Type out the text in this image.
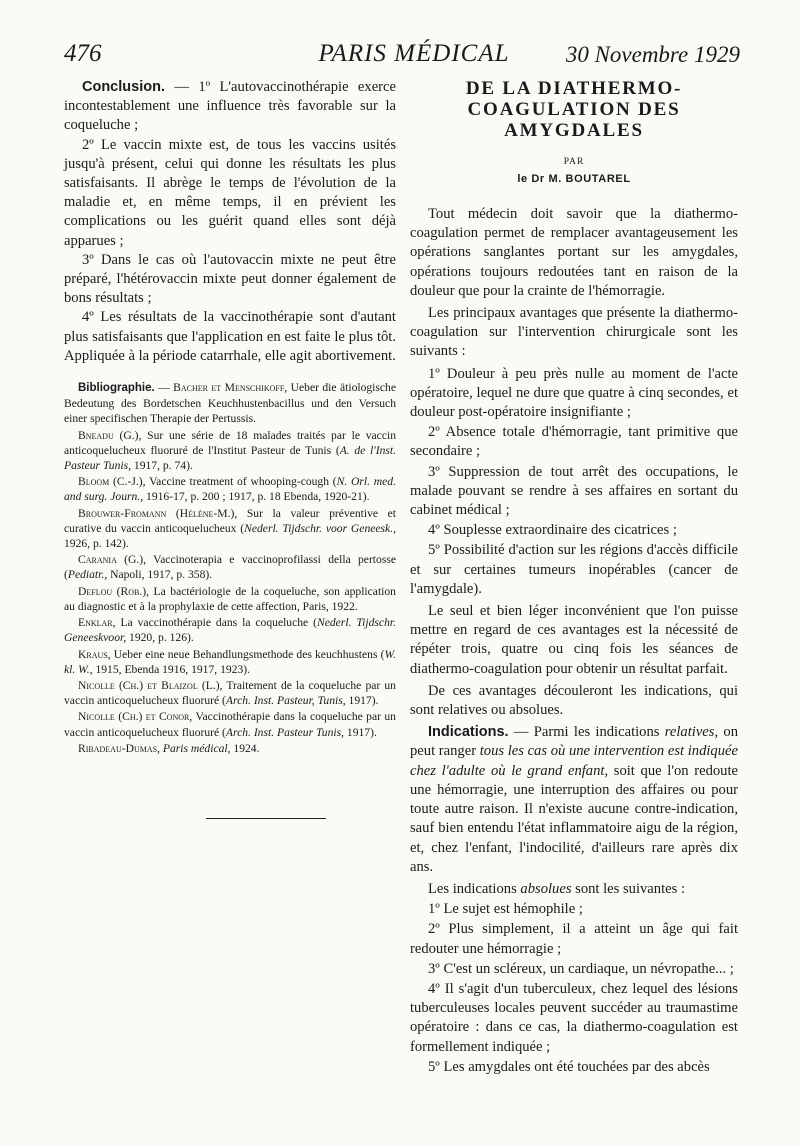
476	PARIS MÉDICAL	30 Novembre 1929

Conclusion. — 1º L'autovaccinothérapie exerce incontestablement une influence très favorable sur la coqueluche ;

2º Le vaccin mixte est, de tous les vaccins usités jusqu'à présent, celui qui donne les résultats les plus satisfaisants. Il abrège le temps de l'évolution de la maladie et, en même temps, il en prévient les complications ou les guérit quand elles sont déjà apparues ;

3º Dans le cas où l'autovaccin mixte ne peut être préparé, l'hétérovaccin mixte peut donner également de bons résultats ;

4º Les résultats de la vaccinothérapie sont d'autant plus satisfaisants que l'application en est faite le plus tôt. Appliquée à la période catarrhale, elle agit abortivement.

Bibliographie. — Bacher et Menschikoff, Ueber die ätiologische Bedeutung des Bordetschen Keuchhustenbacillus und den Versuch einer specifischen Therapie der Pertussis.

Bneadu (G.), Sur une série de 18 malades traités par le vaccin anticoquelucheux fluoruré de l'Institut Pasteur de Tunis (A. de l'Inst. Pasteur Tunis, 1917, p. 74).

Bloom (C.-J.), Vaccine treatment of whooping-cough (N. Orl. med. and surg. Journ., 1916-17, p. 200 ; 1917, p. 18 Ebenda, 1920-21).

Brouwer-Fromann (Hélène-M.), Sur la valeur préventive et curative du vaccin anticoquelucheux (Nederl. Tijdschr. voor Geneesk., 1926, p. 142).

Carania (G.), Vaccinoterapia e vaccinoprofilassi della pertosse (Pediatr., Napoli, 1917, p. 358).

Deflou (Rob.), La bactériologie de la coqueluche, son application au diagnostic et à la prophylaxie de cette affection, Paris, 1922.

Enklar, La vaccinothérapie dans la coqueluche (Nederl. Tijdschr. Geneeskvoor, 1920, p. 126).

Kraus, Ueber eine neue Behandlungsmethode des keuchhustens (W. kl. W., 1915, Ebenda 1916, 1917, 1923).

Nicolle (Ch.) et Blaizol (L.), Traitement de la coqueluche par un vaccin anticoquelucheux fluoruré (Arch. Inst. Pasteur, Tunis, 1917).

Nicolle (Ch.) et Conor, Vaccinothérapie dans la coqueluche par un vaccin anticoquelucheux fluoruré (Arch. Inst. Pasteur Tunis, 1917).

Ribadeau-Dumas, Paris médical, 1924.

DE LA DIATHERMO-COAGULATION DES AMYGDALES
PAR
le Dr M. BOUTAREL

Tout médecin doit savoir que la diathermo-coagulation permet de remplacer avantageusement les opérations sanglantes portant sur les amygdales, opérations toujours redoutées tant en raison de la douleur que pour la crainte de l'hémorragie.

Les principaux avantages que présente la diathermo-coagulation sur l'intervention chirurgicale sont les suivants :

1º Douleur à peu près nulle au moment de l'acte opératoire, lequel ne dure que quatre à cinq secondes, et douleur post-opératoire insignifiante ;

2º Absence totale d'hémorragie, tant primitive que secondaire ;

3º Suppression de tout arrêt des occupations, le malade pouvant se rendre à ses affaires en sortant du cabinet médical ;

4º Souplesse extraordinaire des cicatrices ;

5º Possibilité d'action sur les régions d'accès difficile et sur certaines tumeurs inopérables (cancer de l'amygdale).

Le seul et bien léger inconvénient que l'on puisse mettre en regard de ces avantages est la nécessité de répéter trois, quatre ou cinq fois les séances de diathermo-coagulation pour obtenir un résultat parfait.

De ces avantages découleront les indications, qui sont relatives ou absolues.

Indications. — Parmi les indications relatives, on peut ranger tous les cas où une intervention est indiquée chez l'adulte où le grand enfant, soit que l'on redoute une hémorragie, une interruption des affaires ou pour toute autre raison. Il n'existe aucune contre-indication, sauf bien entendu l'état inflammatoire aigu de la région, et, chez l'enfant, l'indocilité, d'ailleurs rare après dix ans.

Les indications absolues sont les suivantes :

1º Le sujet est hémophile ;

2º Plus simplement, il a atteint un âge qui fait redouter une hémorragie ;

3º C'est un scléreux, un cardiaque, un névropathe... ;

4º Il s'agit d'un tuberculeux, chez lequel des lésions tuberculeuses locales peuvent succéder au traumastime opératoire : dans ce cas, la diathermo-coagulation est formellement indiquée ;

5º Les amygdales ont été touchées par des abcès
